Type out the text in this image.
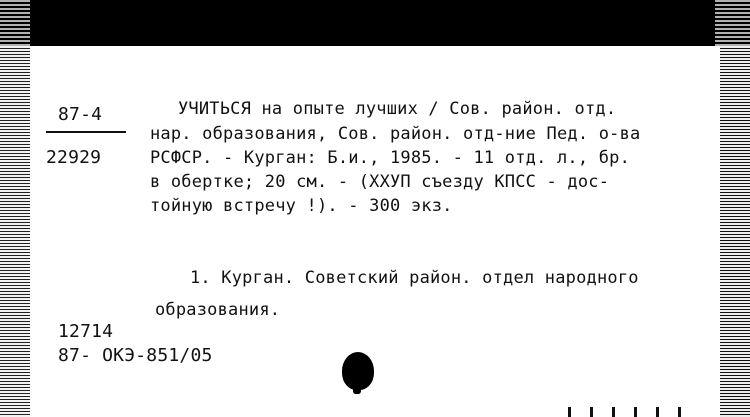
87-4
22929
УЧИТЬСЯ на опыте лучших / Сов. район. отд.
нар. образования, Сов. район. отд-ние Пед. о-ва
РСФСР. - Курган: Б.и., 1985. - 11 отд. л., бр.
в обертке; 20 см. - (ХХУП съезду КПСС - дос-
тойную встречу !). - 300 экз.
1. Курган. Советский район. отдел народного
образования.
12714
87- ОКЭ-851/05
